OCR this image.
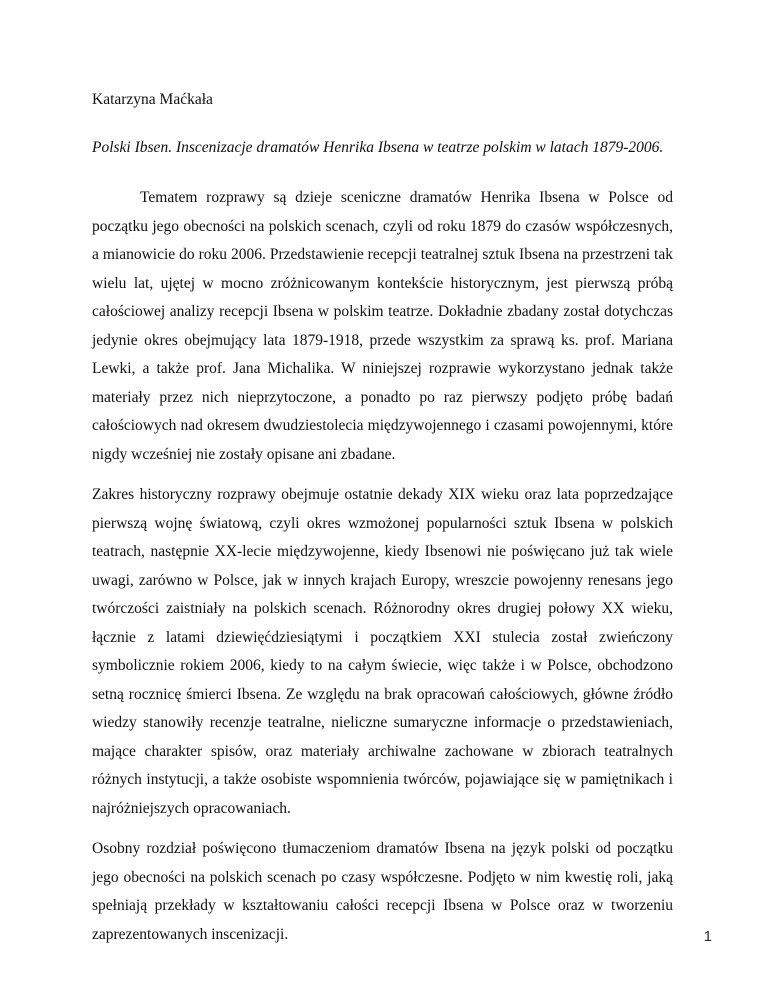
Katarzyna Maćkała

Polski Ibsen. Inscenizacje dramatów Henrika Ibsena w teatrze polskim w latach 1879-2006.

Tematem rozprawy są dzieje sceniczne dramatów Henrika Ibsena w Polsce od początku jego obecności na polskich scenach, czyli od roku 1879 do czasów współczesnych, a mianowicie do roku 2006. Przedstawienie recepcji teatralnej sztuk Ibsena na przestrzeni tak wielu lat, ujętej w mocno zróżnicowanym kontekście historycznym, jest pierwszą próbą całościowej analizy recepcji Ibsena w polskim teatrze. Dokładnie zbadany został dotychczas jedynie okres obejmujący lata 1879-1918, przede wszystkim za sprawą ks. prof. Mariana Lewki, a także prof. Jana Michalika. W niniejszej rozprawie wykorzystano jednak także materiały przez nich nieprzytoczone, a ponadto po raz pierwszy podjęto próbę badań całościowych nad okresem dwudziestolecia międzywojennego i czasami powojennymi, które nigdy wcześniej nie zostały opisane ani zbadane.

Zakres historyczny rozprawy obejmuje ostatnie dekady XIX wieku oraz lata poprzedzające pierwszą wojnę światową, czyli okres wzmożonej popularności sztuk Ibsena w polskich teatrach, następnie XX-lecie międzywojenne, kiedy Ibsenowi nie poświęcano już tak wiele uwagi, zarówno w Polsce, jak w innych krajach Europy, wreszcie powojenny renesans jego twórczości zaistniały na polskich scenach. Różnorodny okres drugiej połowy XX wieku, łącznie z latami dziewięćdziesiątymi i początkiem XXI stulecia został zwieńczony symbolicznie rokiem 2006, kiedy to na całym świecie, więc także i w Polsce, obchodzono setną rocznicę śmierci Ibsena. Ze względu na brak opracowań całościowych, główne źródło wiedzy stanowiły recenzje teatralne, nieliczne sumaryczne informacje o przedstawieniach, mające charakter spisów, oraz materiały archiwalne zachowane w zbiorach teatralnych różnych instytucji, a także osobiste wspomnienia twórców, pojawiające się w pamiętnikach i najróżniejszych opracowaniach.

Osobny rozdział poświęcono tłumaczeniom dramatów Ibsena na język polski od początku jego obecności na polskich scenach po czasy współczesne. Podjęto w nim kwestię roli, jaką spełniają przekłady w kształtowaniu całości recepcji Ibsena w Polsce oraz w tworzeniu zaprezentowanych inscenizacji.	1
